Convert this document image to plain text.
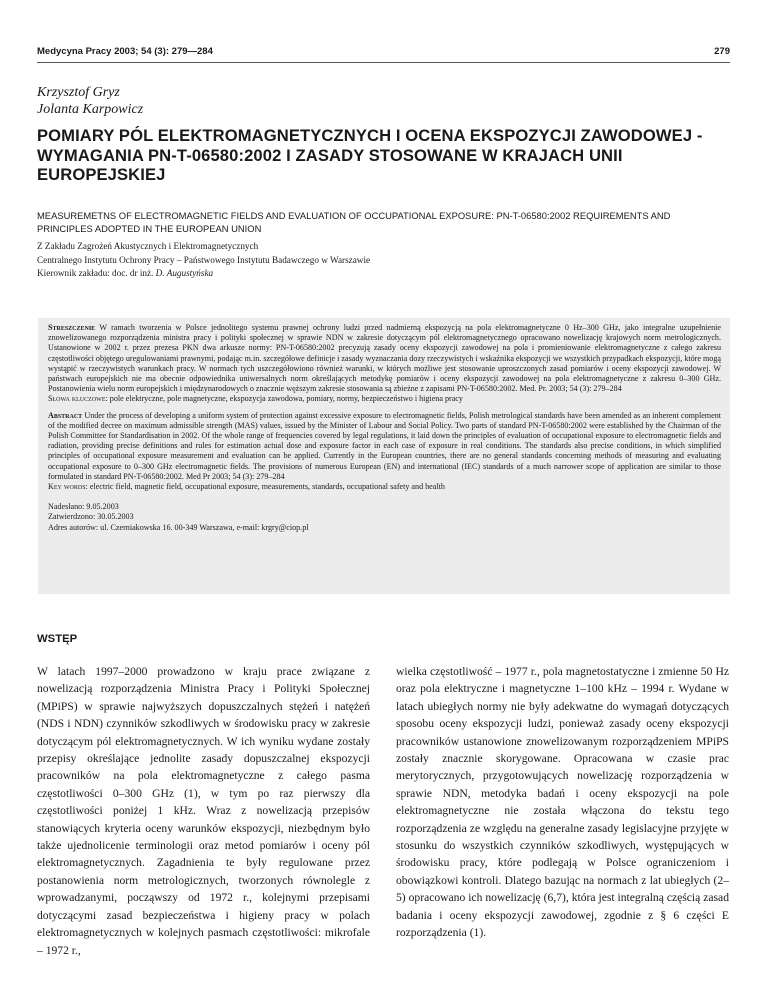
Medycyna Pracy 2003; 54 (3): 279—284	279
Krzysztof Gryz
Jolanta Karpowicz
POMIARY PÓL ELEKTROMAGNETYCZNYCH I OCENA EKSPOZYCJI ZAWODOWEJ - WYMAGANIA PN-T-06580:2002 I ZASADY STOSOWANE W KRAJACH UNII EUROPEJSKIEJ
MEASUREMETNS OF ELECTROMAGNETIC FIELDS AND EVALUATION OF OCCUPATIONAL EXPOSURE: PN-T-06580:2002 REQUIREMENTS AND PRINCIPLES ADOPTED IN THE EUROPEAN UNION
Z Zakładu Zagrożeń Akustycznych i Elektromagnetycznych
Centralnego Instytutu Ochrony Pracy – Państwowego Instytutu Badawczego w Warszawie
Kierownik zakładu: doc. dr inż. D. Augustyńska

Streszczenie W ramach tworzenia w Polsce jednolitego systemu prawnej ochrony ludzi przed nadmierną ekspozycją na pola elektromagnetyczne 0 Hz–300 GHz, jako integralne uzupełnienie znowelizowanego rozporządzenia ministra pracy i polityki społecznej w sprawie NDN w zakresie dotyczącym pól elektromagnetycznego opracowano nowelizację krajowych norm metrologicznych. Ustanowione w 2002 r. przez prezesa PKN dwa arkusze normy: PN-T-06580:2002 precyzują zasady oceny ekspozycji zawodowej na pola i promieniowanie elektromagnetyczne z całego zakresu częstotliwości objętego uregulowaniami prawnymi, podając m.in. szczegółowe definicje i zasady wyznaczania dozy rzeczywistych i wskaźnika ekspozycji we wszystkich przypadkach ekspozycji, które mogą wystąpić w rzeczywistych warunkach pracy. W normach tych uszczegółowiono również warunki, w których możliwe jest stosowanie uproszczonych zasad pomiarów i oceny ekspozycji zawodowej. W państwach europejskich nie ma obecnie odpowiednika uniwersalnych norm określających metodykę pomiarów i oceny ekspozycji zawodowej na pola elektromagnetyczne z zakresu 0–300 GHz. Postanowienia wielu norm europejskich i międzynarodowych o znacznie węższym zakresie stosowania są zbieżne z zapisami PN-T-06580:2002. Med. Pr. 2003; 54 (3): 279–284

Słowa kluczowe: pole elektryczne, pole magnetyczne, ekspozycja zawodowa, pomiary, normy, bezpieczeństwo i higiena pracy

Abstract Under the process of developing a uniform system of protection against excessive exposure to electromagnetic fields, Polish metrological standards have been amended as an inherent complement of the modified decree on maximum admissible strength (MAS) values, issued by the Minister of Labour and Social Policy. Two parts of standard PN-T-06580:2002 were established by the Chairman of the Polish Committee for Standardisation in 2002. Of the whole range of frequencies covered by legal regulations, it laid down the principles of evaluation of occupational exposure to electromagnetic fields and radiation, providing precise definitions and rules for estimation actual dose and exposure factor in each case of exposure in real conditions. The standards also precise conditions, in which simplified principles of occupational exposure measurement and evaluation can be applied. Currently in the European countries, there are no general standards concerning methods of measuring and evaluating occupational exposure to 0–300 GHz electromagnetic fields. The provisions of numerous European (EN) and international (IEC) standards of a much narrower scope of application are similar to those formulated in standard PN-T-06580:2002. Med Pr 2003; 54 (3): 279–284

Key words: electric field, magnetic field, occupational exposure, measurements, standards, occupational safety and health

Nadesłano: 9.05.2003
Zatwierdzono: 30.05.2003
Adres autorów: ul. Czerniakowska 16. 00-349 Warszawa, e-mail: krgry@ciop.pl
WSTĘP

W latach 1997–2000 prowadzono w kraju prace związane z nowelizacją rozporządzenia Ministra Pracy i Polityki Społecznej (MPiPS) w sprawie najwyższych dopuszczalnych stężeń i natężeń (NDS i NDN) czynników szkodliwych w środowisku pracy w zakresie dotyczącym pól elektromagnetycznych. W ich wyniku wydane zostały przepisy określające jednolite zasady dopuszczalnej ekspozycji pracowników na pola elektromagnetyczne z całego pasma częstotliwości 0–300 GHz (1), w tym po raz pierwszy dla częstotliwości poniżej 1 kHz. Wraz z nowelizacją przepisów stanowiących kryteria oceny warunków ekspozycji, niezbędnym było także ujednolicenie terminologii oraz metod pomiarów i oceny pól elektromagnetycznych. Zagadnienia te były regulowane przez postanowienia norm metrologicznych, tworzonych równolegle z wprowadzanymi, począwszy od 1972 r., kolejnymi przepisami dotyczącymi zasad bezpieczeństwa i higieny pracy w polach elektromagnetycznych w kolejnych pasmach częstotliwości: mikrofale – 1972 r.,

wielka częstotliwość – 1977 r., pola magnetostatyczne i zmienne 50 Hz oraz pola elektryczne i magnetyczne 1–100 kHz – 1994 r. Wydane w latach ubiegłych normy nie były adekwatne do wymagań dotyczących sposobu oceny ekspozycji ludzi, ponieważ zasady oceny ekspozycji pracowników ustanowione znowelizowanym rozporządzeniem MPiPS zostały znacznie skorygowane. Opracowana w czasie prac merytorycznych, przygotowujących nowelizację rozporządzenia w sprawie NDN, metodyka badań i oceny ekspozycji na pole elektromagnetyczne nie została włączona do tekstu tego rozporządzenia ze względu na generalne zasady legislacyjne przyjęte w stosunku do wszystkich czynników szkodliwych, występujących w środowisku pracy, które podlegają w Polsce ograniczeniom i obowiązkowi kontroli. Dlatego bazując na normach z lat ubiegłych (2–5) opracowano ich nowelizację (6,7), która jest integralną częścią zasad badania i oceny ekspozycji zawodowej, zgodnie z § 6 części E rozporządzenia (1).
